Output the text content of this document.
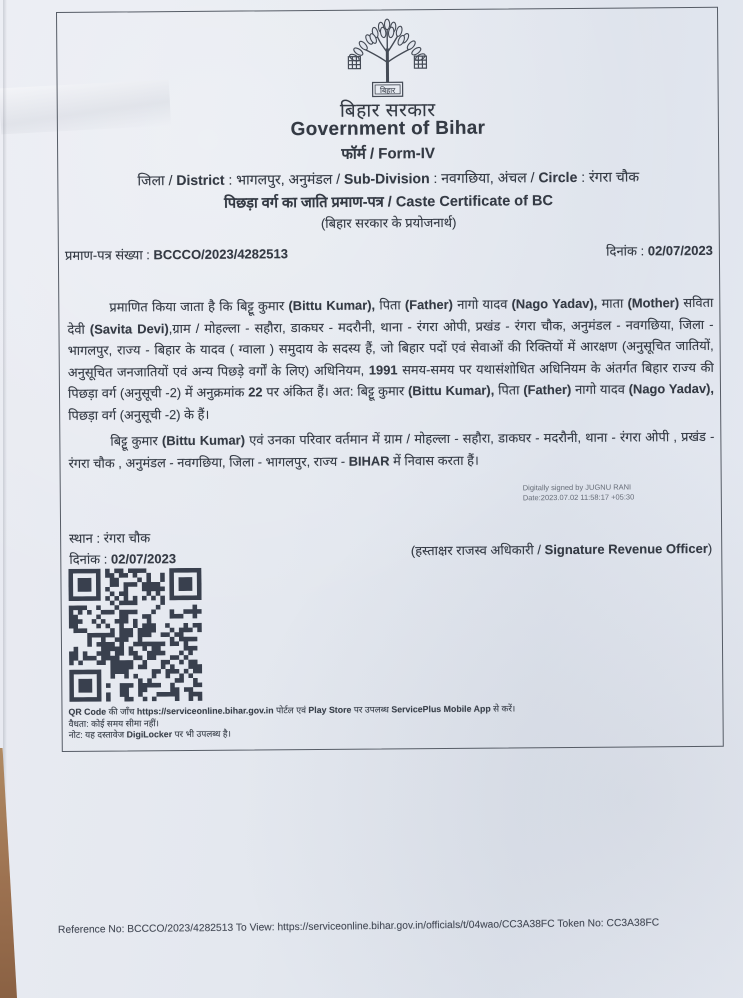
बिहार
बिहार सरकार
Government of Bihar
फॉर्म / Form-IV
जिला / District : भागलपुर, अनुमंडल / Sub-Division : नवगछिया, अंचल / Circle : रंगरा चौक
पिछड़ा वर्ग का जाति प्रमाण-पत्र / Caste Certificate of BC
(बिहार सरकार के प्रयोजनार्थ)
प्रमाण-पत्र संख्या : BCCCO/2023/4282513	दिनांक : 02/07/2023
प्रमाणित किया जाता है कि बिट्टू कुमार (Bittu Kumar), पिता (Father) नागो यादव (Nago Yadav), माता (Mother) सविता देवी (Savita Devi),ग्राम / मोहल्ला - सहौरा, डाकघर - मदरौनी, थाना - रंगरा ओपी, प्रखंड - रंगरा चौक, अनुमंडल - नवगछिया, जिला - भागलपुर, राज्य - बिहार के यादव ( ग्वाला ) समुदाय के सदस्य हैं, जो बिहार पदों एवं सेवाओं की रिक्तियों में आरक्षण (अनुसूचित जातियों, अनुसूचित जनजातियों एवं अन्य पिछड़े वर्गों के लिए) अधिनियम, 1991 समय-समय पर यथासंशोधित अधिनियम के अंतर्गत बिहार राज्य की पिछड़ा वर्ग (अनुसूची -2) में अनुक्रमांक 22 पर अंकित हैं। अत: बिट्टू कुमार (Bittu Kumar), पिता (Father) नागो यादव (Nago Yadav), पिछड़ा वर्ग (अनुसूची -2) के हैं।
बिट्टू कुमार (Bittu Kumar) एवं उनका परिवार वर्तमान में ग्राम / मोहल्ला - सहौरा, डाकघर - मदरौनी, थाना - रंगरा ओपी , प्रखंड - रंगरा चौक , अनुमंडल - नवगछिया, जिला - भागलपुर, राज्य - BIHAR में निवास करता हैं।
Digitally signed by JUGNU RANI
Date:2023.07.02 11:58:17 +05:30
स्थान : रंगरा चौक
दिनांक : 02/07/2023
(हस्ताक्षर राजस्व अधिकारी / Signature Revenue Officer)
QR Code की जाँच https://serviceonline.bihar.gov.in पोर्टल एवं Play Store पर उपलब्ध ServicePlus Mobile App से करें।
वैधता: कोई समय सीमा नहीं।
नोट: यह दस्तावेज DigiLocker पर भी उपलब्ध है।
Reference No: BCCCO/2023/4282513 To View: https://serviceonline.bihar.gov.in/officials/t/04wao/CC3A38FC Token No: CC3A38FC
